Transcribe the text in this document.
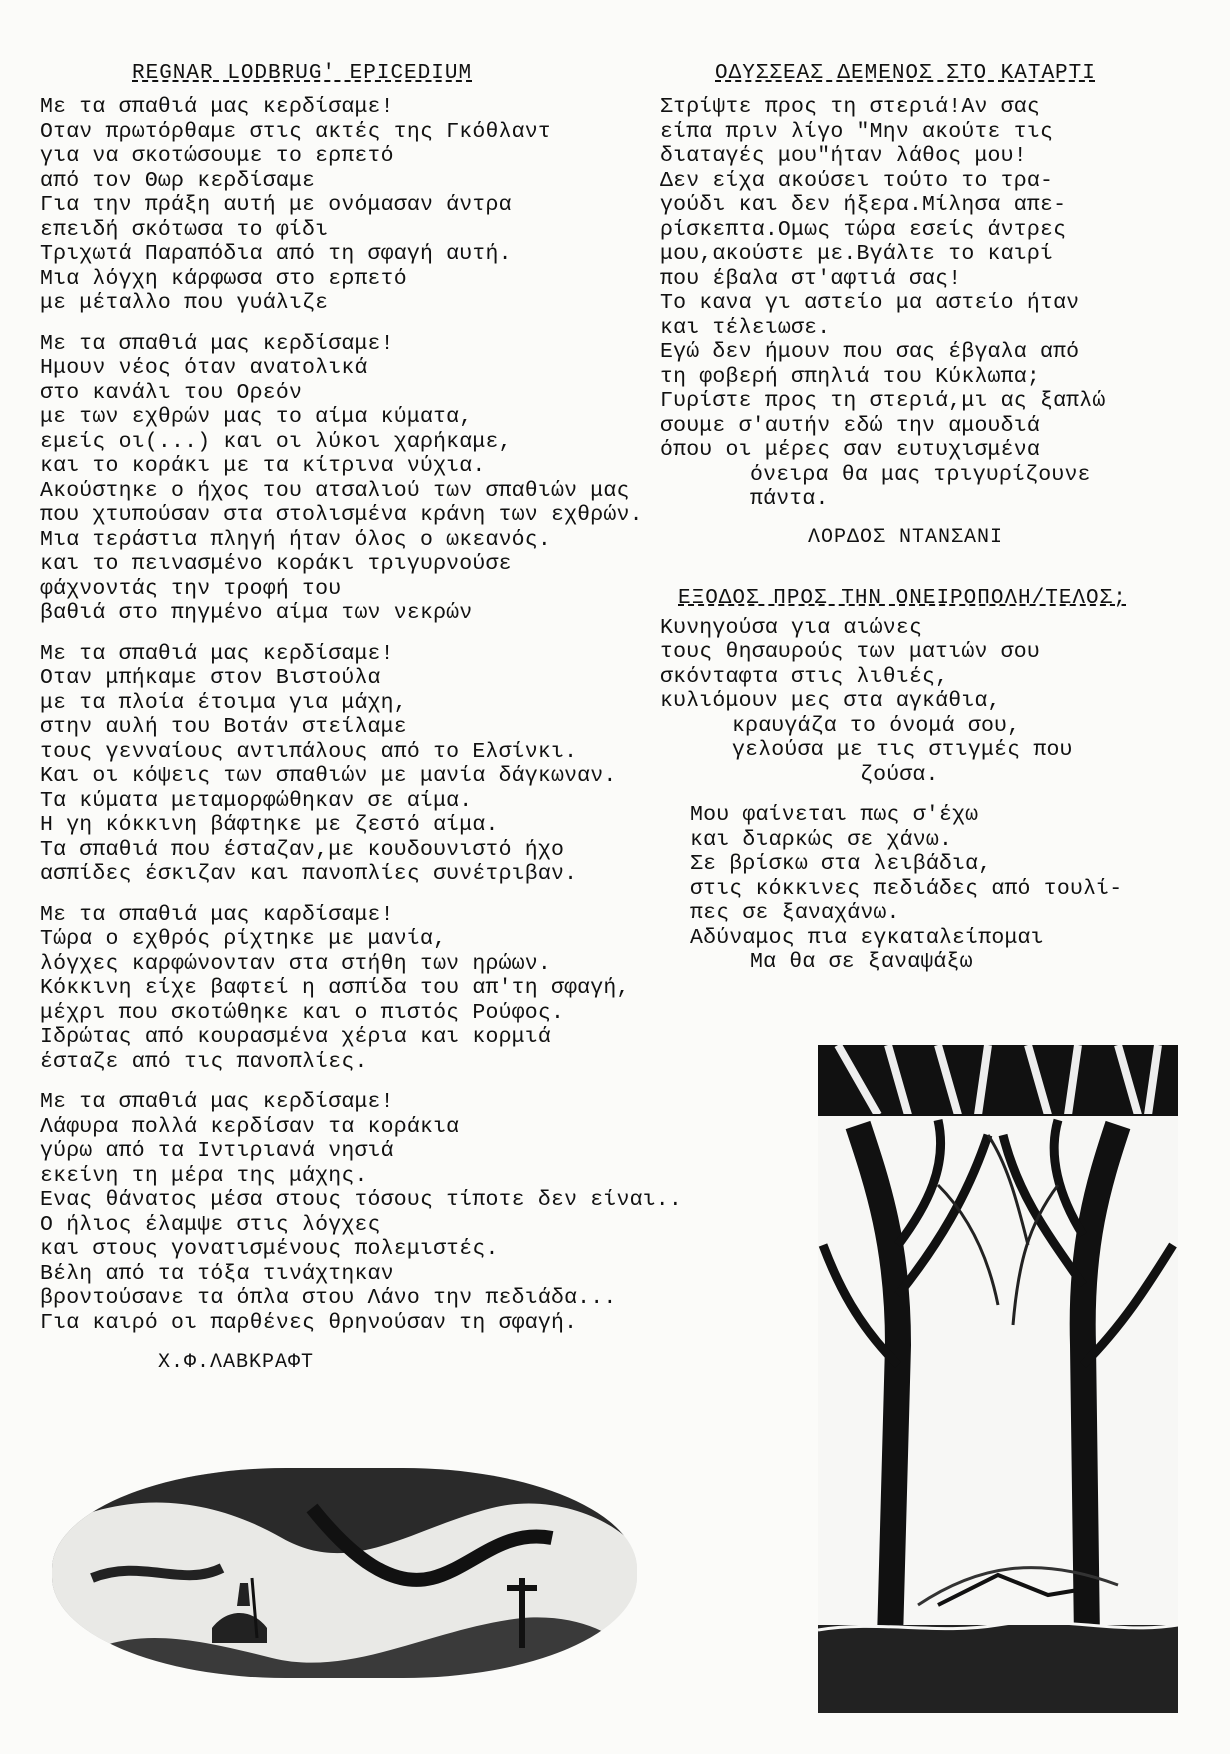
REGNAR LODBRUG' EPICEDIUM
Με τα σπαθιά μας κερδίσαμε!
Οταν πρωτόρθαμε στις ακτές της Γκόθλαντ
για να σκοτώσουμε το ερπετό
από τον Θωρ κερδίσαμε
Για την πράξη αυτή με ονόμασαν άντρα
επειδή σκότωσα το φίδι
Τριχωτά Παραπόδια από τη σφαγή αυτή.
Μια λόγχη κάρφωσα στο ερπετό
με μέταλλο που γυάλιζε
Με τα σπαθιά μας κερδίσαμε!
Ημουν νέος όταν ανατολικά
στο κανάλι του Ορεόν
με των εχθρών μας το αίμα κύματα,
εμείς οι(...) και οι λύκοι χαρήκαμε,
και το κοράκι με τα κίτρινα νύχια.
Ακούστηκε ο ήχος του ατσαλιού των σπαθιών μας
που χτυπούσαν στα στολισμένα κράνη των εχθρών.
Μια τεράστια πληγή ήταν όλος ο ωκεανός.
και το πεινασμένο κοράκι τριγυρνούσε
φάχνοντάς την τροφή του
βαθιά στο πηγμένο αίμα των νεκρών
Με τα σπαθιά μας κερδίσαμε!
Οταν μπήκαμε στον Βιστούλα
με τα πλοία έτοιμα για μάχη,
στην αυλή του Βοτάν στείλαμε
τους γενναίους αντιπάλους από το Ελσίνκι.
Και οι κόψεις των σπαθιών με μανία δάγκωναν.
Τα κύματα μεταμορφώθηκαν σε αίμα.
Η γη κόκκινη βάφτηκε με ζεστό αίμα.
Τα σπαθιά που έσταζαν,με κουδουνιστό ήχο
ασπίδες έσκιζαν και πανοπλίες συνέτριβαν.
Με τα σπαθιά μας καρδίσαμε!
Τώρα ο εχθρός ρίχτηκε με μανία,
λόγχες καρφώνονταν στα στήθη των ηρώων.
Κόκκινη είχε βαφτεί η ασπίδα του απ'τη σφαγή,
μέχρι που σκοτώθηκε και ο πιστός Ρούφος.
Ιδρώτας από κουρασμένα χέρια και κορμιά
έσταζε από τις πανοπλίες.
Με τα σπαθιά μας κερδίσαμε!
Λάφυρα πολλά κερδίσαν τα κοράκια
γύρω από τα Ιντιριανά νησιά
εκείνη τη μέρα της μάχης.
Ενας θάνατος μέσα στους τόσους τίποτε δεν είναι..
Ο ήλιος έλαμψε στις λόγχες
και στους γονατισμένους πολεμιστές.
Βέλη από τα τόξα τινάχτηκαν
βροντούσανε τα όπλα στου Λάνο την πεδιάδα...
Για καιρό οι παρθένες θρηνούσαν τη σφαγή.
Χ.Φ.ΛΑΒΚΡΑΦΤ
ΟΔΥΣΣΕΑΣ ΔΕΜΕΝΟΣ ΣΤΟ ΚΑΤΑΡΤΙ
Στρίψτε προς τη στεριά!Αν σας
είπα πριν λίγο "Μην ακούτε τις
διαταγές μου"ήταν λάθος μου!
Δεν είχα ακούσει τούτο το τρα-
γούδι και δεν ήξερα.Μίλησα απε-
ρίσκεπτα.Ομως τώρα εσείς άντρες
μου,ακούστε με.Βγάλτε το καιρί
που έβαλα στ'αφτιά σας!
Το κανα γι αστείο μα αστείο ήταν
και τέλειωσε.
Εγώ δεν ήμουν που σας έβγαλα από
τη φοβερή σπηλιά του Κύκλωπα;
Γυρίστε προς τη στεριά,μι ας ξαπλώ
σουμε σ'αυτήν εδώ την αμουδιά
όπου οι μέρες σαν ευτυχισμένα
όνειρα θα μας τριγυρίζουνε
πάντα.
ΛΟΡΔΟΣ ΝΤΑΝΣΑΝΙ
ΕΞΟΔΟΣ ΠΡΟΣ ΤΗΝ ΟΝΕΙΡΟΠΟΛΗ/ΤΕΛΟΣ;
Κυνηγούσα για αιώνες
τους θησαυρούς των ματιών σου
σκόνταφτα στις λιθιές,
κυλιόμουν μες στα αγκάθια,
κραυγάζα το όνομά σου,
γελούσα με τις στιγμές που
ζούσα.
Μου φαίνεται πως σ'έχω
και διαρκώς σε χάνω.
Σε βρίσκω στα λειβάδια,
στις κόκκινες πεδιάδες από τουλί-
πες σε ξαναχάνω.
Αδύναμος πια εγκαταλείπομαι
Μα θα σε ξαναψάξω
